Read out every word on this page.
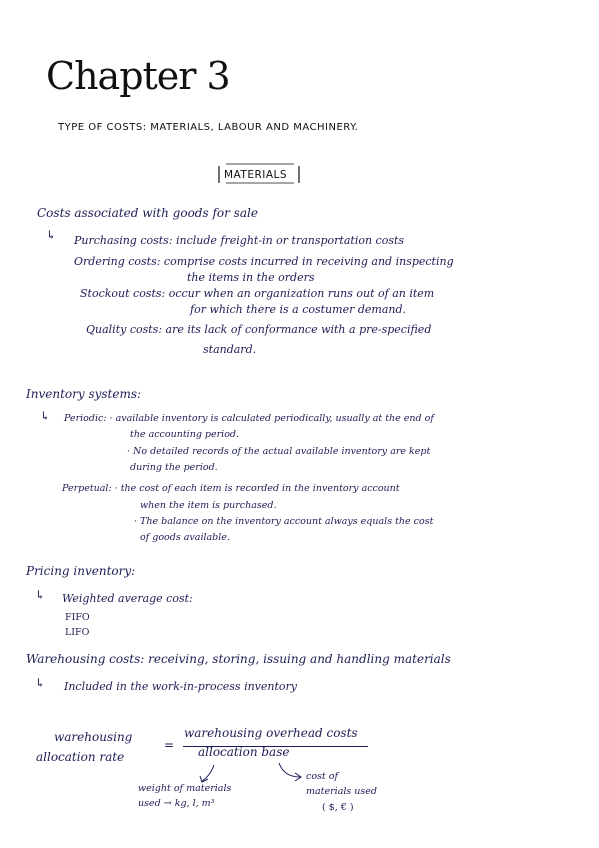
Chapter 3
TYPE OF COSTS: MATERIALS, LABOUR AND MACHINERY.
MATERIALS
Costs associated with goods for sale
↳ Purchasing costs: include freight-in or transportation costs
Ordering costs: comprise costs incurred in receiving and inspecting
the items in the orders
Stockout costs: occur when an organization runs out of an item
for which there is a costumer demand.
Quality costs: are its lack of conformance with a pre-specified
standard.
Inventory systems:
↳ Periodic: · available inventory is calculated periodically, usually at the end of
the accounting period.
· No detailed records of the actual available inventory are kept
during the period.
Perpetual: · the cost of each item is recorded in the inventory account
when the item is purchased.
· The balance on the inventory account always equals the cost
of goods available.
Pricing inventory:
↳ Weighted average cost:
FIFO
LIFO
Warehousing costs: receiving, storing, issuing and handling materials
↳ Included in the work-in-process inventory
warehousing
allocation rate
=
warehousing overhead costs
allocation base
weight of materials
used → kg, l, m³
cost of
materials used
( $, € )
